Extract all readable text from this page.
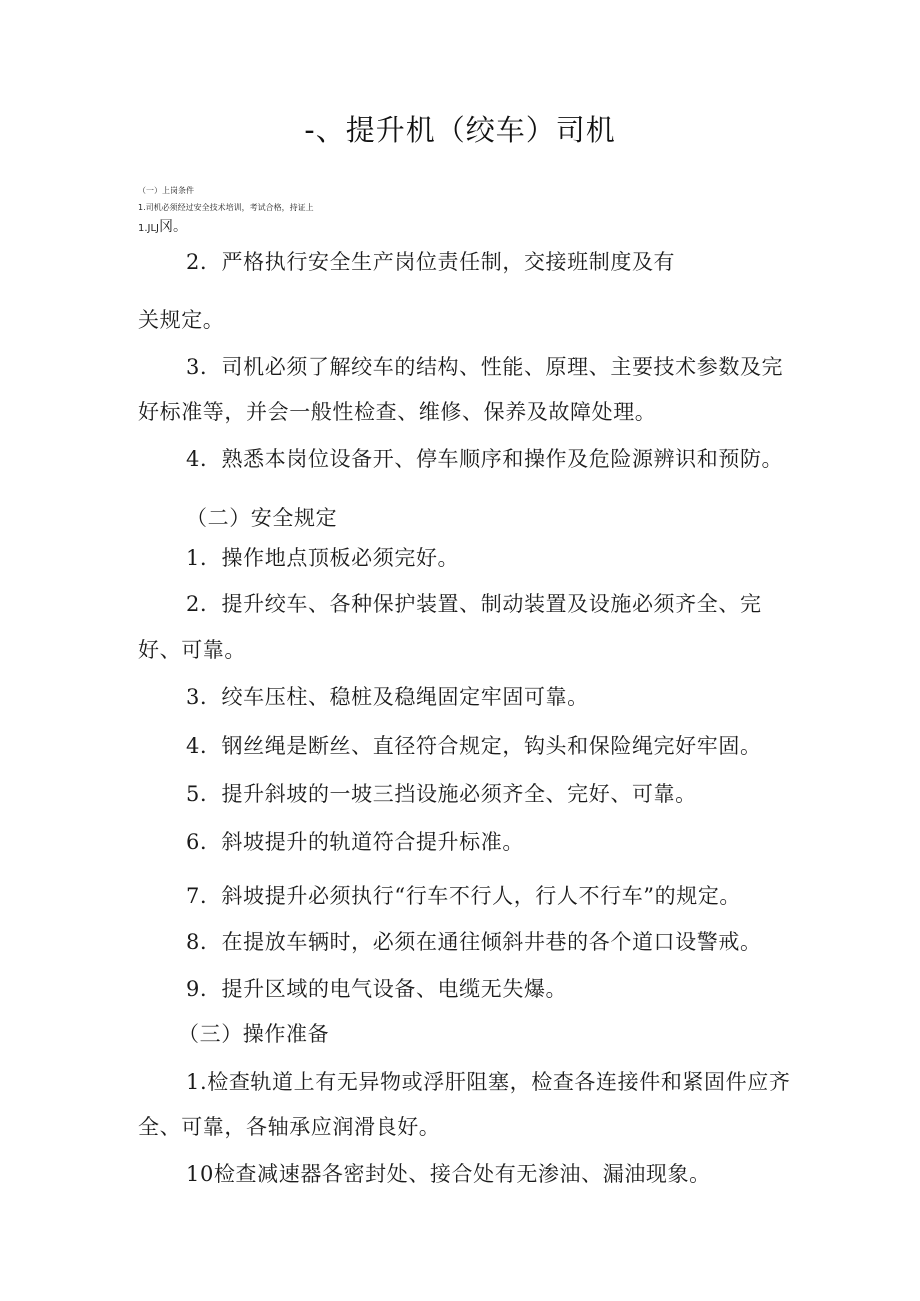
-、提升机（绞车）司机
（一）上岗条件
1.司机必须经过安全技术培训，考试合格，持证上
1.JLJ冈。
2．严格执行安全生产岗位责任制，交接班制度及有
关规定。
3．司机必须了解绞车的结构、性能、原理、主要技术参数及完
好标准等，并会一般性检查、维修、保养及故障处理。
4．熟悉本岗位设备开、停车顺序和操作及危险源辨识和预防。
（二）安全规定
1．操作地点顶板必须完好。
2．提升绞车、各种保护装置、制动装置及设施必须齐全、完
好、可靠。
3．绞车压柱、稳桩及稳绳固定牢固可靠。
4．钢丝绳是断丝、直径符合规定，钩头和保险绳完好牢固。
5．提升斜坡的一坡三挡设施必须齐全、完好、可靠。
6．斜坡提升的轨道符合提升标准。
7．斜坡提升必须执行“行车不行人，行人不行车”的规定。
8．在提放车辆时，必须在通往倾斜井巷的各个道口设警戒。
9．提升区域的电气设备、电缆无失爆。
（三）操作准备
1.检查轨道上有无异物或浮肝阻塞，检查各连接件和紧固件应齐
全、可靠，各轴承应润滑良好。
10检查减速器各密封处、接合处有无渗油、漏油现象。
